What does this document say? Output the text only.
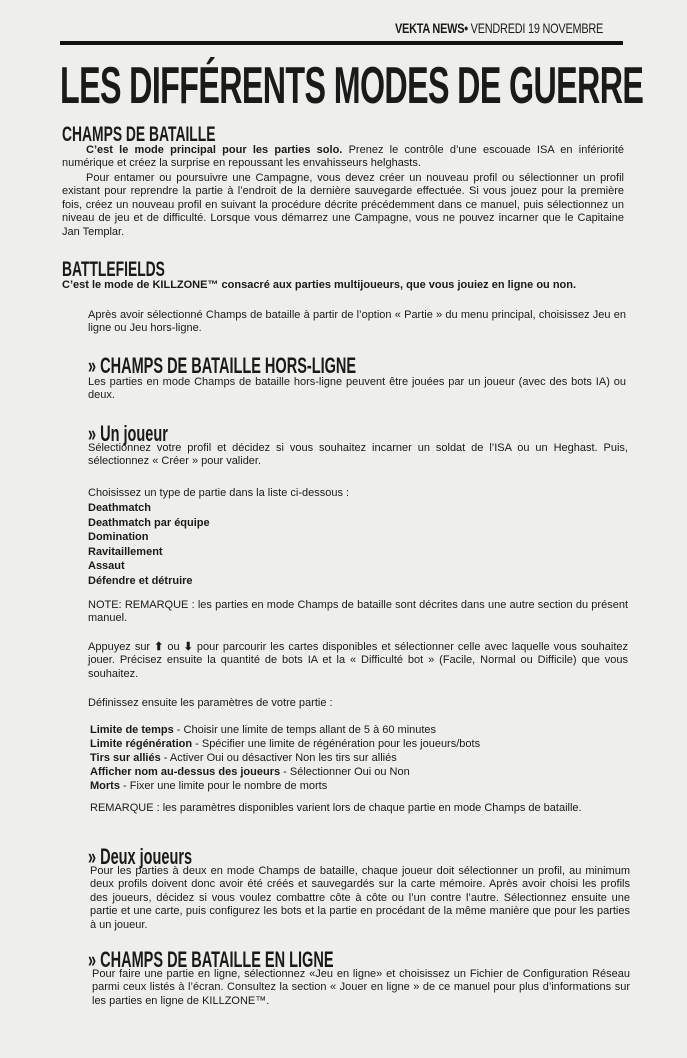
VEKTA NEWS• VENDREDI 19 NOVEMBRE
LES DIFFÉRENTS MODES DE GUERRE
CHAMPS DE BATAILLE
C’est le mode principal pour les parties solo. Prenez le contrôle d’une escouade ISA en infériorité numérique et créez la surprise en repoussant les envahisseurs helghasts.
Pour entamer ou poursuivre une Campagne, vous devez créer un nouveau profil ou sélectionner un profil existant pour reprendre la partie à l’endroit de la dernière sauvegarde effectuée. Si vous jouez pour la première fois, créez un nouveau profil en suivant la procédure décrite précédemment dans ce manuel, puis sélectionnez un niveau de jeu et de difficulté. Lorsque vous démarrez une Campagne, vous ne pouvez incarner que le Capitaine Jan Templar.
BATTLEFIELDS
C’est le mode de KILLZONE™ consacré aux parties multijoueurs, que vous jouiez en ligne ou non.
Après avoir sélectionné Champs de bataille à partir de l’option « Partie » du menu principal, choisissez Jeu en ligne ou Jeu hors-ligne.
» CHAMPS DE BATAILLE HORS-LIGNE
Les parties en mode Champs de bataille hors-ligne peuvent être jouées par un joueur (avec des bots IA) ou deux.
» Un joueur
Sélectionnez votre profil et décidez si vous souhaitez incarner un soldat de l’ISA ou un Heghast. Puis, sélectionnez « Créer » pour valider.
Choisissez un type de partie dans la liste ci-dessous :
Deathmatch
Deathmatch par équipe
Domination
Ravitaillement
Assaut
Défendre et détruire
NOTE: REMARQUE : les parties en mode Champs de bataille sont décrites dans une autre section du présent manuel.
Appuyez sur ⬆ ou ⬇ pour parcourir les cartes disponibles et sélectionner celle avec laquelle vous souhaitez jouer. Précisez ensuite la quantité de bots IA et la « Difficulté bot » (Facile, Normal ou Difficile) que vous souhaitez.
Définissez ensuite les paramètres de votre partie :
Limite de temps - Choisir une limite de temps allant de 5 à 60 minutes
Limite régénération - Spécifier une limite de régénération pour les joueurs/bots
Tirs sur alliés - Activer Oui ou désactiver Non les tirs sur alliés
Afficher nom au-dessus des joueurs - Sélectionner Oui ou Non
Morts - Fixer une limite pour le nombre de morts
REMARQUE : les paramètres disponibles varient lors de chaque partie en mode Champs de bataille.
» Deux joueurs
Pour les parties à deux en mode Champs de bataille, chaque joueur doit sélectionner un profil, au minimum deux profils doivent donc avoir été créés et sauvegardés sur la carte mémoire. Après avoir choisi les profils des joueurs, décidez si vous voulez combattre côte à côte ou l’un contre l’autre. Sélectionnez ensuite une partie et une carte, puis configurez les bots et la partie en procédant de la même manière que pour les parties à un joueur.
» CHAMPS DE BATAILLE EN LIGNE
Pour faire une partie en ligne, sélectionnez «Jeu en ligne» et choisissez un Fichier de Configuration Réseau parmi ceux listés à l’écran. Consultez la section « Jouer en ligne » de ce manuel pour plus d’informations sur les parties en ligne de KILLZONE™.
